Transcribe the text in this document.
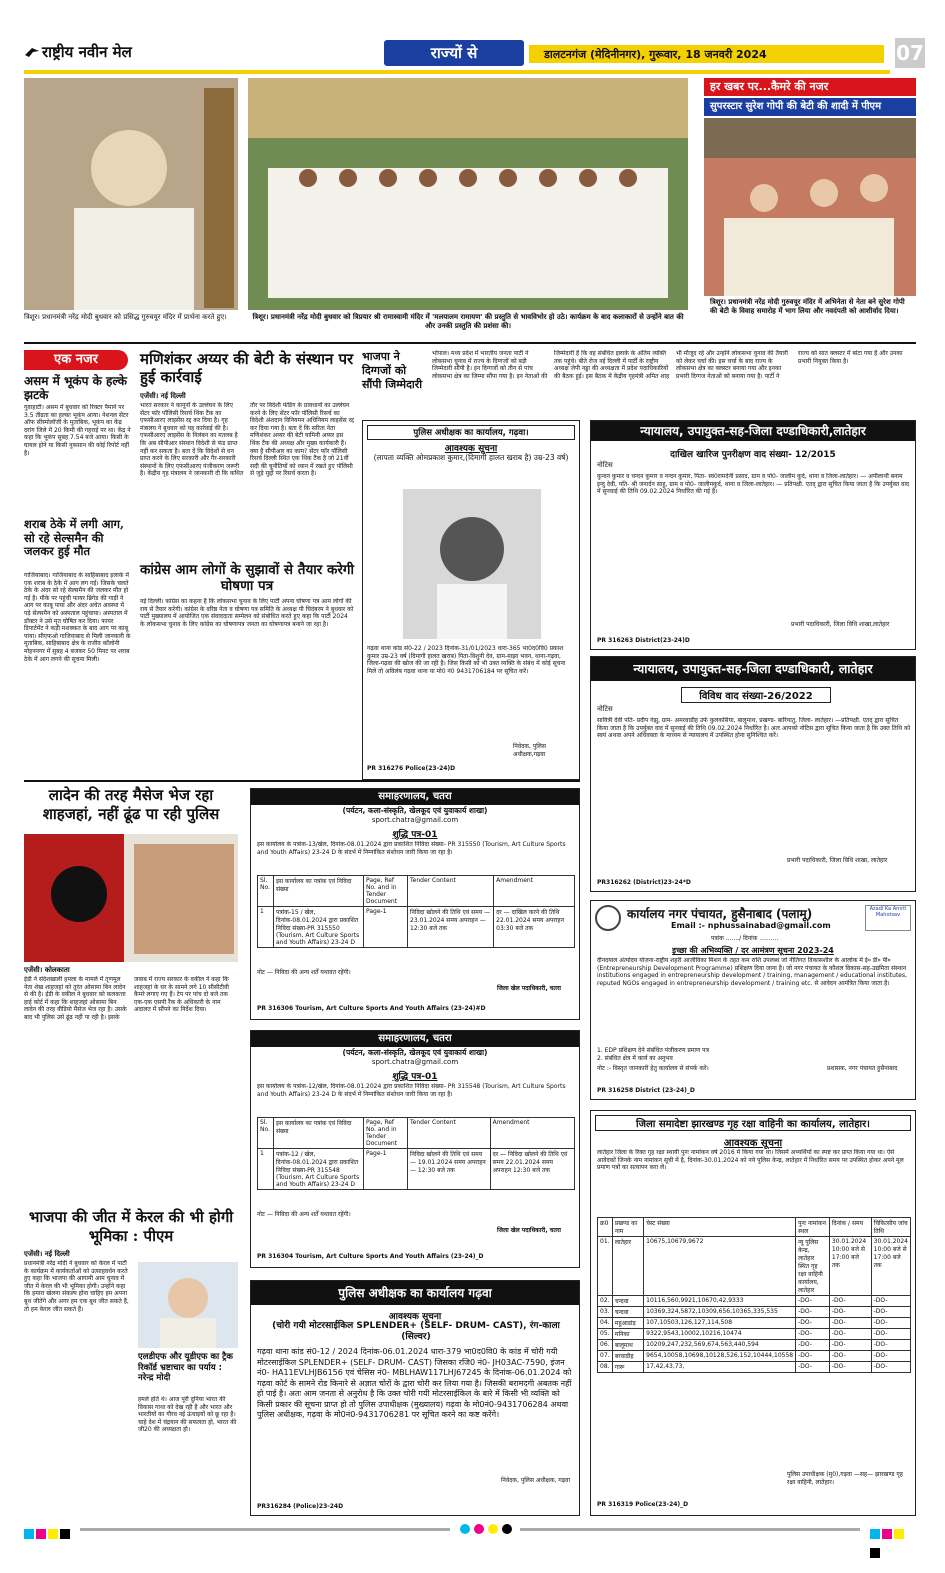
राष्ट्रीय नवीन मेल	राज्यों से	डालटनगंज (मेदिनीनगर), गुरूवार, 18 जनवरी 2024	07
त्रिशूर। प्रधानमंत्री नरेंद्र मोदी बुधवार को प्रसिद्ध गुरुवयूर मंदिर में प्रार्थना करते हुए।	त्रिशूर। प्रधानमंत्री नरेंद्र मोदी बुधवार को त्रिप्रयार श्री रामास्वामी मंदिर में 'मलयालम रामायण' की प्रस्तुति से भावविभोर हो उठे। कार्यक्रम के बाद कलाकारों से उन्होंने बात की और उनकी प्रस्तुति की प्रशंसा की।
हर खबर पर...कैमरे की नजर
सुपरस्टार सुरेश गोपी की बेटी की शादी में पीएम
त्रिशूर। प्रधानमंत्री नरेंद्र मोदी गुरुवयूर मंदिर में अभिनेता से नेता बने सुरेश गोपी की बेटी के विवाह समारोह में भाग लिया और नवदंपती को आशीर्वाद दिया।
एक नजर
असम में भूकंप के हल्के झटके
गुवाहाटी। असम में बुधवार को रिक्टर पैमाने पर 3.5 तीव्रता का हल्का भूकंप आया। नेशनल सेंटर ऑफ सीस्मोलॉजी के मुताबिक, भूकंप का केंद्र दरांग जिले में 20 किमी की गहराई पर था। केंद्र ने कहा कि भूकंप सुबह 7.54 बजे आया। किसी के घायल होने या किसी नुकसान की कोई रिपोर्ट नहीं है।
शराब ठेके में लगी आग, सो रहे सेल्समैन की जलकर हुई मौत
गाजियाबाद। गाजियाबाद के साहिबाबाद इलाके में एक शराब के ठेके में आग लग गई। जिसके चलते ठेके के अंदर सो रहे सेल्समैन की जलकर मौत हो गई है। मौके पर पहुंची फायर ब्रिगेड की गाड़ी ने आग पर काबू पाया और अंदर अचेत अवस्था में पड़े सेल्समैन को अस्पताल पहुंचाया। अस्पताल में डॉक्टर ने उसे मृत घोषित कर दिया। फायर डिपार्टमेंट ने कड़ी मशक्कत के बाद आग पर काबू पाया। सीएफओ गाजियाबाद से मिली जानकारी के मुताबिक, साहिबाबाद क्षेत्र के राजीव कॉलोनी मोहननगर में सुबह 4 बजकर 50 मिनट पर शराब ठेके में आग लगने की सूचना मिली।
मणिशंकर अय्यर की बेटी के संस्थान पर हुई कार्रवाई
एजेंसी। नई दिल्ली
भारत सरकार ने कानूनों के उल्लंघन के लिए सेंटर फॉर पॉलिसी रिसर्च थिंक टैंक का एफसीआरए लाइसेंस रद्द कर दिया है। गृह मंत्रालय ने बुधवार को यह कार्रवाई की है। एफसीआरए लाइसेंस के निलंबन का मतलब है कि अब सीपीआर संस्थान विदेशी से फंड प्राप्त नहीं कर सकता है। बता दें कि विदेशों से धन प्राप्त करने के लिए सरकारी और गैर-सरकारी संस्थानों के लिए एफसीआरए पंजीकरण जरूरी है। केंद्रीय गृह मंत्रालय ने जानकारी दी कि कथित तौर पर विदेशी फंडिंग के प्रावधानों का उल्लंघन करने के लिए सेंटर फॉर पॉलिसी रिसर्च का विदेशी अंशदान विनियमन अधिनियम लाइसेंस रद्द कर दिया गया है। बता दें कि सरिता नेता मणिशंकर अय्यर की बेटी यामिनी अय्यर इस थिंक टैंक की अध्यक्ष और मुख्य कार्यकारी हैं। क्या है सीपीआर का काम? सेंटर फॉर पॉलिसी रिसर्च दिल्ली स्थित एक थिंक टैंक है जो 21वीं सदी की चुनौतियों को ध्यान में रखते हुए पॉलिसी से जुड़े मुद्दों पर रिसर्च करता है।
कांग्रेस आम लोगों के सुझावों से तैयार करेगी घोषणा पत्र
नई दिल्ली। कांग्रेस का कहना है कि लोकसभा चुनाव के लिए पार्टी अपना घोषणा पत्र आम लोगों की राय से तैयार करेगी। कांग्रेस के वरिष्ठ नेता व घोषणा पत्र समिति के अध्यक्ष पी चिदंबरम ने बुधवार को पार्टी मुख्यालय में आयोजित एक संवाददाता सम्मेलन को संबोधित करते हुए कहा कि पार्टी 2024 के लोकसभा चुनाव के लिए कांग्रेस का घोषणापत्र जनता का घोषणापत्र बनाने जा रहा है।
भाजपा ने दिग्गजों को सौंपी जिम्मेदारी
भोपाल। मध्य प्रदेश में भारतीय जनता पार्टी ने लोकसभा चुनाव में राज्य के दिग्गजों को बड़ी जिम्मेदारी सौंपी है। इन दिग्गजों को तीन से पांच लोकसभा क्षेत्र का जिम्मा सौंपा गया है। इन नेताओं की जिम्मेदारी है कि वह संबंधित इलाके के अंतिम व्यक्ति तक पहुंचे। बीते रोज नई दिल्ली में पार्टी के राष्ट्रीय अध्यक्ष जेपी नड्डा की अध्यक्षता में प्रदेश पदाधिकारियों की बैठक हुई। इस बैठक में केंद्रीय गृहमंत्री अमित शाह भी मौजूद रहे और उन्होंने लोकसभा चुनाव की तैयारी को लेकर चर्चा की। इस चर्चा के बाद राज्य के लोकसभा क्षेत्र का क्लस्टर बनाया गया और इनका प्रभारी दिग्गज नेताओं को बनाया गया है। पार्टी ने राज्य को सात क्लस्टर में बांटा गया है और उनका प्रभारी नियुक्त किया है।
पुलिस अधीक्षक का कार्यालय, गढ़वा।
आवश्यक सूचना
(लापता व्यक्ति ओमप्रकाश कुमार,(दिमागी हालत खराब है) उम्र-23 वर्ष)
गढ़वा थाना कांड सं0-22 / 2023 दिनांक-31/01/2023 धारा-365 भा0द0वि0 प्रकाश कुमार उम्र-23 वर्ष (दिमागी हालत खराब) पिता-विशुनी देव, ग्राम-माझा भवन, थाना-गढ़वा, जिला-गढ़वा की खोज की जा रही है। जिस किसी को भी उक्त व्यक्ति के संबंध में कोई सूचना मिले तो अविलंब गढ़वा थाना या मो0 नं0 9431706184 पर सूचित करें।
निवेदक, पुलिस अधीक्षक,गढ़वा
PR 316276 Police(23-24)D
न्यायालय, उपायुक्त-सह-जिला दण्डाधिकारी,लातेहार
दाखिल खारिज पुनरीक्षण वाद संख्या- 12/2015
नोटिस
कुन्दन कुमार व चन्दन कुमार व नन्दन कुमार, पिता- स्व0रामदेनी प्रसाद, ग्राम व पो0- जालीम कुर्द, थाना व जिला-लातेहार। — अपीलार्थी बनाम इन्दु देवी, पति- श्री जनार्दन साहु, ग्राम व पो0- जालीमकुर्द, थाना व जिला-लातेहार। — प्रतिपक्षी. एतद् द्वारा सूचित किया जाता है कि उपर्युक्त वाद में सुनवाई की तिथि 09.02.2024 निर्धारित की गई है।
प्रभारी पदाधिकारी, जिला विधि शाखा,लातेहार
PR 316263 District(23-24)D
न्यायालय, उपायुक्त-सह-जिला दण्डाधिकारी, लातेहार
विविध वाद संख्या-26/2022
नोटिस
सावित्री देवी पति- प्रदीप गंझु, ग्राम- अमरवाडीह उर्फ कुलकसिया, बालूमाथ, प्रखण्ड- बारियातु, जिला- लातेहार। —प्रतिपक्षी. एतद् द्वारा सूचित किया जाता है कि उपर्युक्त वाद में सुनवाई की तिथि 09.02.2024 निर्धारित है। अतः आपको नोटिस द्वारा सूचित किया जाता है कि उक्त तिथि को स्वयं अथवा अपने अधिवक्ता के माध्यम से न्यायालय में उपस्थित होना सुनिश्चित करें।
प्रभारी पदाधिकारी, जिला विधि शाखा, लातेहार
PR316262 (District)23-24*D
लादेन की तरह मैसेज भेज रहा शाहजहां, नहीं ढूंढ पा रही पुलिस
एजेंसी। कोलकाता
ईडी ने संदेशखाली हमला के मामले में तृणमूल नेता शेख शाहजहां को तुरंत ओसामा बिन लादेन से की है। ईडी के वकील ने बुधवार को कलकत्ता हाई कोर्ट में कहा कि शाहजहां ओसामा बिन लादेन की तरह वीडियो मैसेज भेज रहा है। उसके बाद भी पुलिस उसे ढूंढ नहीं पा रही है। इसके जवाब में राज्य सरकार के वकील ने कहा कि शाहजहां के घर के सामने लगे 10 सीसीटीवी कैमरे लगाए गए हैं। टेप पर पांच दो बजे तक एक-एक एसपी रैंक के अधिकारी के नाम अदालत में सौंपने का निर्देश दिया।
भाजपा की जीत में केरल की भी होगी भूमिका : पीएम
एजेंसी। नई दिल्ली
प्रधानमंत्री नरेंद्र मोदी ने बुधवार को केरल में पार्टी के कार्यक्रम में कार्यकर्ताओं को उत्साहवर्धन करते हुए कहा कि भाजपा की आगामी आम चुनाव में जीत में केरल की भी भूमिका होगी। उन्होंने कहा कि हमारा खेलना संकल्प होना चाहिए हम अपना बूथ जीतेंगे और अगर हम एक बूथ जीत सकते हैं, तो हम केरल जीत सकते हैं।
एलडीएफ और यूडीएफ का ट्रैक रिकॉर्ड भ्रष्टाचार का पर्याय : नरेन्द्र मोदी
हमले होते थे। आज पूरी दुनिया भारत की विकास गाथा को देख रही है और भारत और भारतीयों का गौरव नई ऊंचाइयों को छू रहा है। चाहे देश में चंद्रयान की सफलता हो, भारत की जी20 की अध्यक्षता हो।
समाहरणालय, चतरा
(पर्यटन, कला-संस्कृति, खेलकूद एवं युवाकार्य शाखा)
sport.chatra@gmail.com
शुद्धि पत्र-01
इस कार्यालय के पत्रांक-13/खेल, दिनांक-08.01.2024 द्वारा प्रकाशित निविदा संख्या- PR 315550 (Tourism, Art Culture Sports and Youth Affairs) 23-24 D के संदर्भ में निम्नांकित संशोधन जारी किया जा रहा है।
Sl. No.	इस कार्यालय का पत्रांक एवं निविदा संख्या	Page, Ref No. and in Tender Document	Tender Content	Amendment
1	पत्रांक-15 / खेल, दिनांक-08.01.2024 द्वारा प्रकाशित निविदा संख्या-PR 315550 (Tourism, Art Culture Sports and Youth Affairs) 23-24 D	Page-1	निविदा खोलने की तिथि एवं समय — 23.01.2024 समय अपराहन — 12:30 बजे तक	दर — दाखिल करने की तिथि 22.01.2024 समय अपराहन 03:30 बजे तक
नोट — निविदा की अन्य शर्तें यथावत रहेंगी।
जिला खेल पदाधिकारी, चतरा
PR 316306 Tourism, Art Culture Sports And Youth Affairs (23-24)#D
समाहरणालय, चतरा
(पर्यटन, कला-संस्कृति, खेलकूद एवं युवाकार्य शाखा)
sport.chatra@gmail.com
शुद्धि पत्र-01
इस कार्यालय के पत्रांक-12/खेल, दिनांक-08.01.2024 द्वारा प्रकाशित निविदा संख्या- PR 315548 (Tourism, Art Culture Sports and Youth Affairs) 23-24 D के संदर्भ में निम्नांकित संशोधन जारी किया जा रहा है।
Sl. No.	इस कार्यालय का पत्रांक एवं निविदा संख्या	Page, Ref No. and in Tender Document	Tender Content	Amendment
1	पत्रांक-12 / खेल, दिनांक-08.01.2024 द्वारा प्रकाशित निविदा संख्या-PR 315548 (Tourism, Art Culture Sports and Youth Affairs) 23-24 D	Page-1	निविदा खोलने की तिथि एवं समय — 19.01.2024 समय अपराहन — 12:30 बजे तक	दर — निविदा खोलने की तिथि एवं समय 22.01.2024 समय अपराहन 12:30 बजे तक
नोट — निविदा की अन्य शर्तें यथावत रहेंगी।
जिला खेल पदाधिकारी, चतरा
PR 316304 Tourism, Art Culture Sports And Youth Affairs (23-24)_D
पुलिस अधीक्षक का कार्यालय गढ़वा
आवश्यक सूचना
(चोरी गयी मोटरसाईकिल SPLENDER+ (SELF- DRUM- CAST), रंग-काला (सिल्वर)
गढ़वा थाना कांड सं0-12 / 2024 दिनांक-06.01.2024 धारा-379 भा0द0वि0 के कांड में चोरी गयी मोटरसाईकिल SPLENDER+ (SELF- DRUM- CAST) जिसका रजि0 नं0- JH03AC-7590, इंजन नं0- HA11EVLHJB6156 एवं चेसिस नं0- MBLHAW117LHJ67245 के दिनांक-06.01.2024 को गढ़वा कोर्ट के सामने रोड किनारे से अज्ञात चोरों के द्वारा चोरी कर लिया गया है। जिसकी बरामदगी अबतक नहीं हो पाई है। अतः आम जनता से अनुरोध है कि उक्त चोरी गयी मोटरसाईकिल के बारे में किसी भी व्यक्ति को किसी प्रकार की सूचना प्राप्त हो तो पुलिस उपाधीक्षक (मुख्यालय) गढ़वा के मो0नं0-9431706284 अथवा पुलिस अधीक्षक, गढ़वा के मो0नं0-9431706281 पर सूचित करने का कष्ट करेंगे।
निवेदक, पुलिस अधीक्षक, गढ़वा
PR316284 (Police)23-24D
कार्यालय नगर पंचायत, हुसैनाबाद (पलामू)
Email :- nphussainabad@gmail.com
Azadi Ka Amrit Mahotsav
पत्रांक ......./ दिनांक ..........
इच्छा की अभिव्यक्ति / दर आमंत्रण सूचना 2023-24
दीनदयाल अंत्योदय योजना-राष्ट्रीय शहरी आजीविका मिशन के तहत कम राशि उपलब्ध जो नीतिगत विकासशील के आलोक में ई० डी० पी० (Entrepreneurship Development Programme) प्रशिक्षण दिया जाना है। जो नगर पंचायत के कौशल विकास-सह-उद्यमिता संस्थान institutions engaged in entrepreneurship development / training, management / educational institutes, reputed NGOs engaged in entrepreneurship development / training etc. से आवेदन आमंत्रित किया जाता है।
1. EDP प्रशिक्षण देने संबंधित पंजीकरण प्रमाण पत्र
2. संबंधित क्षेत्र में कार्य का अनुभव
नोट :- विस्तृत जानकारी हेतु कार्यालय से संपर्क करें।	प्रशासक, नगर पंचायत हुसैनाबाद
PR 316258 District (23-24)_D
जिला समादेष्टा झारखण्ड गृह रक्षा वाहिनी का कार्यालय, लातेहार।
आवश्यक सूचना
लातेहार जिला के रिक्त गृह रक्षा स्थायी पुनः नामांकन वर्ष 2016 में किया गया था। जिसमें अभ्यर्थियों का स्पष्ट कर प्राप्त किया गया था। ऐसे आवेदकों जिनके नाम नामांकन सूची में है, दिनांक-30.01.2024 को नये पुलिस केन्द्र, लातेहार में निर्धारित समय पर उपस्थित होकर अपने मूल प्रमाण पत्रों का सत्यापन करा लें।
क्र0	प्रखण्ड का नाम	चेस्ट संख्या	पुनः नामांकन स्थल	दिनांक / समय	चिकित्सीय जांच तिथि
01.	लातेहार	10675,10679,9672	न्यू पुलिस केन्द्र, लातेहार स्थित गृह रक्षा वाहिनी कार्यालय, लातेहार	30.01.2024 10:00 बजे से 17:00 बजे तक	30.01.2024 10:00 बजे से 17:00 बजे तक
02.	चन्दवा	10116,560,9921,10670,42,9333	-DO-	-DO-	-DO-
03.	चन्दवा	10369,324,5872,10309,656,10365,335,535	-DO-	-DO-	-DO-
04.	महुआडांड़	107,10503,126,127,114,508	-DO-	-DO-	-DO-
05.	मनिका	9322,9543,10002,10216,10474	-DO-	-DO-	-DO-
06.	बालूमाथ	10209,247,232,569,674,563,440,594	-DO-	-DO-	-DO-
07.	बरवाडीह	9654,10058,10698,10128,526,152,10444,10558	-DO-	-DO-	-DO-
08.	गारू	17,42,43,73,	-DO-	-DO-	-DO-
पुलिस उपाधीक्षक (मु0),गढ़वा —सह— झारखण्ड गृह रक्षा वाहिनी, लातेहार।
PR 316319 Police(23-24)_D
